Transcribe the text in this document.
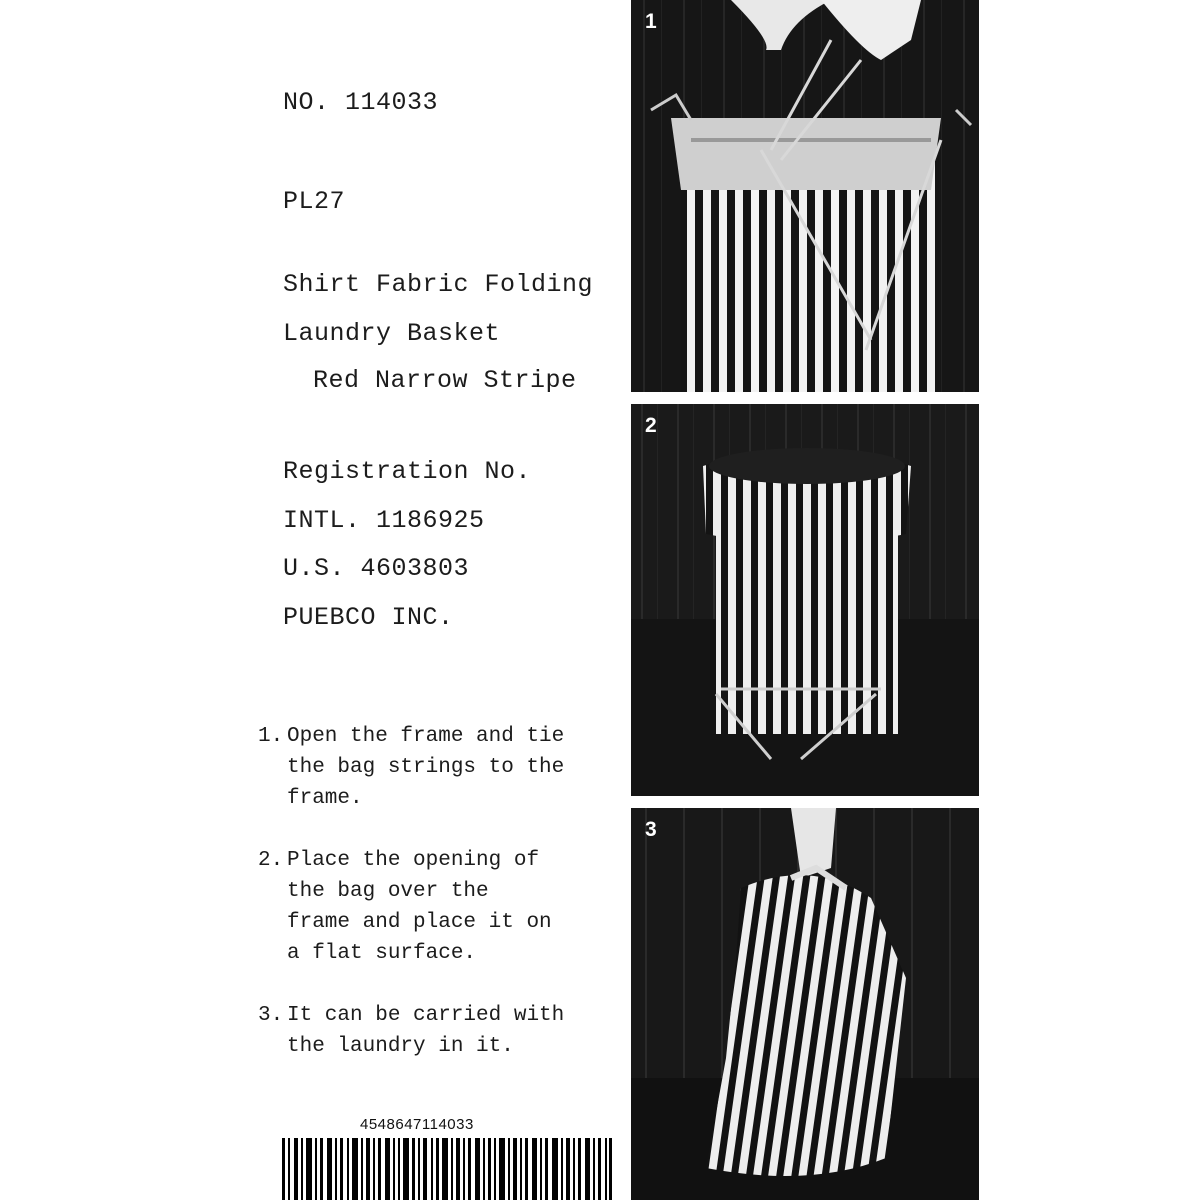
NO. 114033
PL27
Shirt Fabric Folding
Laundry Basket
Red Narrow Stripe
Registration No.
INTL. 1186925
U.S. 4603803
PUEBCO INC.
1. Open the frame and tie
the bag strings to the
frame.
2. Place the opening of
the bag over the
frame and place it on
a flat surface.
3. It can be carried with
the laundry in it.
4548647114033
1
2
3
